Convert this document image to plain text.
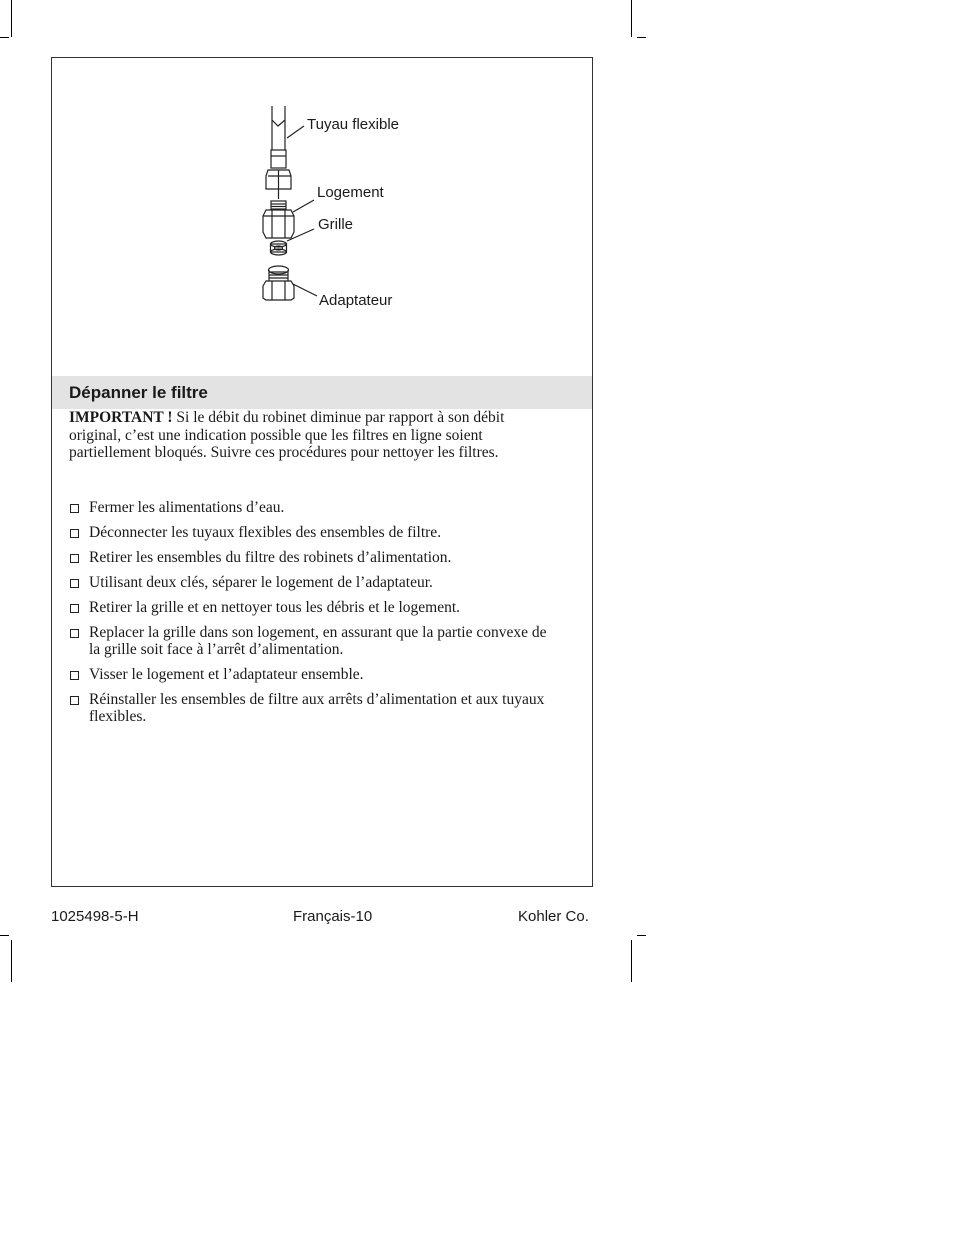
Tuyau flexible
Logement
Grille
Adaptateur
Dépanner le filtre
IMPORTANT ! Si le débit du robinet diminue par rapport à son débit original, c’est une indication possible que les filtres en ligne soient partiellement bloqués. Suivre ces procédures pour nettoyer les filtres.
Fermer les alimentations d’eau.
Déconnecter les tuyaux flexibles des ensembles de filtre.
Retirer les ensembles du filtre des robinets d’alimentation.
Utilisant deux clés, séparer le logement de l’adaptateur.
Retirer la grille et en nettoyer tous les débris et le logement.
Replacer la grille dans son logement, en assurant que la partie convexe de la grille soit face à l’arrêt d’alimentation.
Visser le logement et l’adaptateur ensemble.
Réinstaller les ensembles de filtre aux arrêts d’alimentation et aux tuyaux flexibles.
1025498-5-H	Français-10	Kohler Co.
